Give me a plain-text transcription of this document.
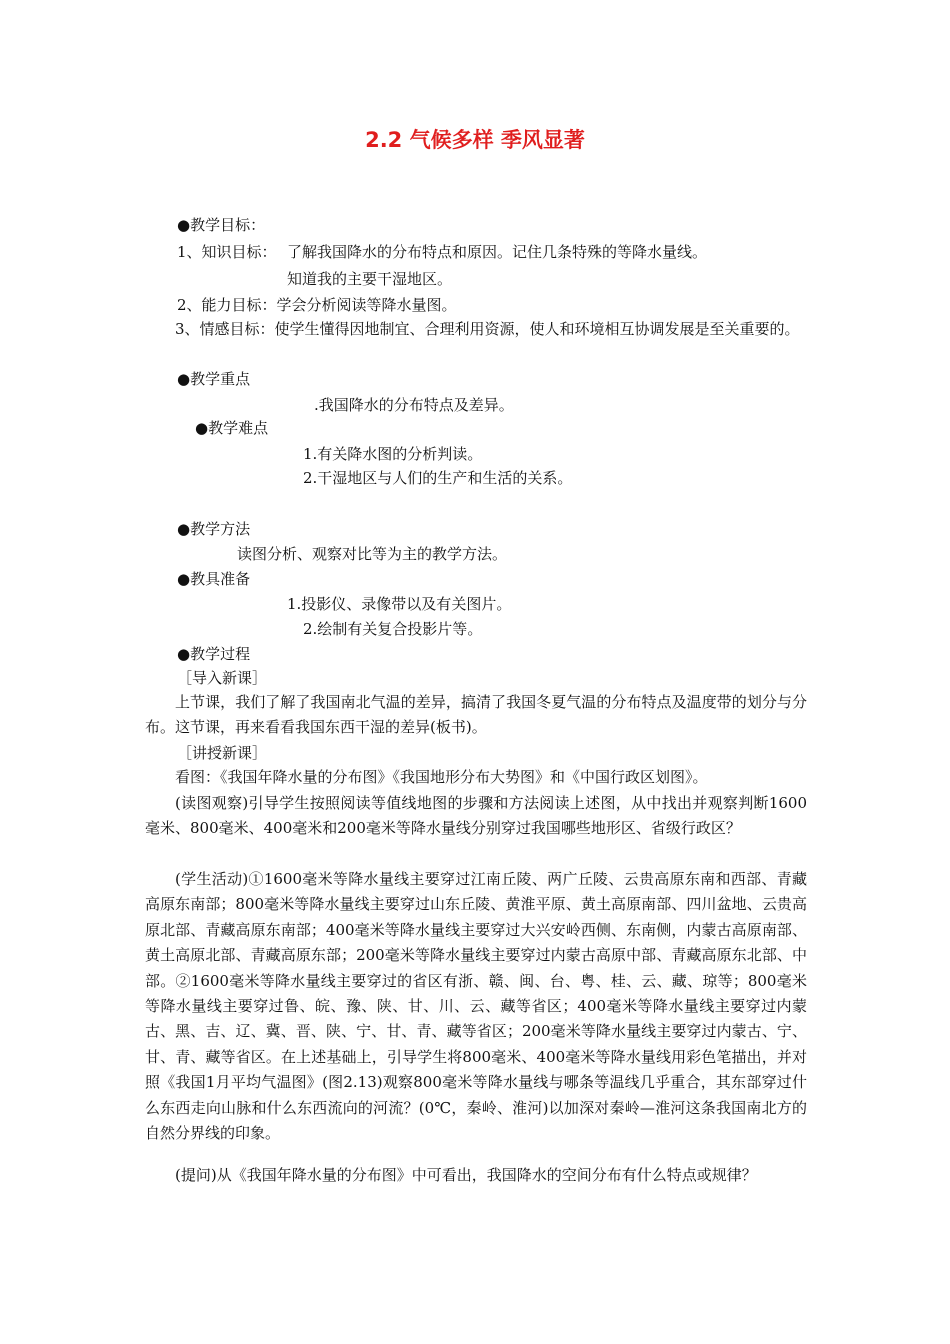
2.2 气候多样 季风显著
●教学目标：
1、知识目标： 了解我国降水的分布特点和原因。记住几条特殊的等降水量线。
知道我的主要干湿地区。
2、能力目标：学会分析阅读等降水量图。
3、情感目标：使学生懂得因地制宜、合理利用资源，使人和环境相互协调发展是至关重要的。
●教学重点
.我国降水的分布特点及差异。
●教学难点
1.有关降水图的分析判读。
2.干湿地区与人们的生产和生活的关系。
●教学方法
读图分析、观察对比等为主的教学方法。
●教具准备
1.投影仪、录像带以及有关图片。
2.绘制有关复合投影片等。
●教学过程
［导入新课］
上节课，我们了解了我国南北气温的差异，搞清了我国冬夏气温的分布特点及温度带的划分与分布。这节课，再来看看我国东西干湿的差异(板书)。
［讲授新课］
看图：《我国年降水量的分布图》《我国地形分布大势图》和《中国行政区划图》。
(读图观察)引导学生按照阅读等值线地图的步骤和方法阅读上述图，从中找出并观察判断1600毫米、800毫米、400毫米和200毫米等降水量线分别穿过我国哪些地形区、省级行政区？
(学生活动)①1600毫米等降水量线主要穿过江南丘陵、两广丘陵、云贵高原东南和西部、青藏高原东南部；800毫米等降水量线主要穿过山东丘陵、黄淮平原、黄土高原南部、四川盆地、云贵高原北部、青藏高原东南部；400毫米等降水量线主要穿过大兴安岭西侧、东南侧，内蒙古高原南部、黄土高原北部、青藏高原东部；200毫米等降水量线主要穿过内蒙古高原中部、青藏高原东北部、中部。②1600毫米等降水量线主要穿过的省区有浙、赣、闽、台、粤、桂、云、藏、琼等；800毫米等降水量线主要穿过鲁、皖、豫、陕、甘、川、云、藏等省区；400毫米等降水量线主要穿过内蒙古、黑、吉、辽、冀、晋、陕、宁、甘、青、藏等省区；200毫米等降水量线主要穿过内蒙古、宁、甘、青、藏等省区。在上述基础上，引导学生将800毫米、400毫米等降水量线用彩色笔描出，并对照《我国1月平均气温图》(图2.13)观察800毫米等降水量线与哪条等温线几乎重合，其东部穿过什么东西走向山脉和什么东西流向的河流？(0℃，秦岭、淮河)以加深对秦岭—淮河这条我国南北方的自然分界线的印象。
(提问)从《我国年降水量的分布图》中可看出，我国降水的空间分布有什么特点或规律？
